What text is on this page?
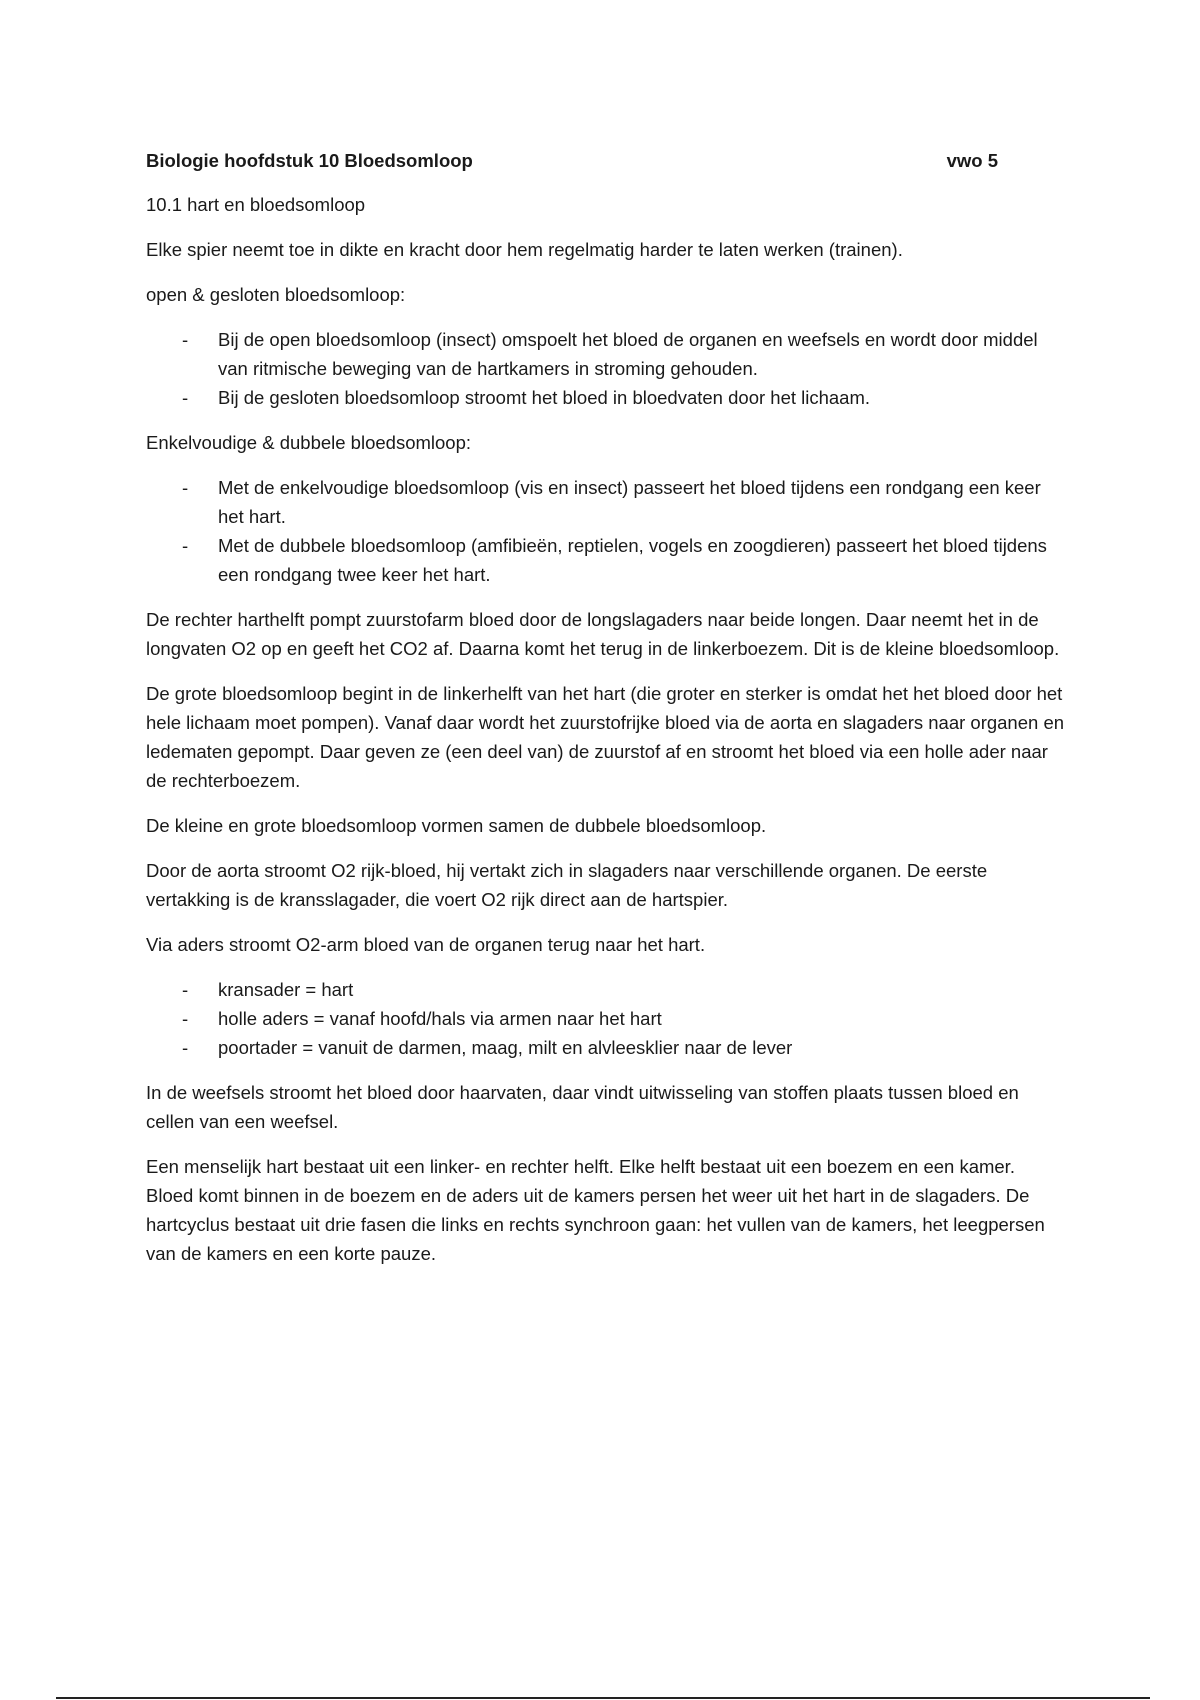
Biologie hoofdstuk 10 Bloedsomloop	vwo 5

10.1 hart en bloedsomloop

Elke spier neemt toe in dikte en kracht door hem regelmatig harder te laten werken (trainen).

open & gesloten bloedsomloop:

- Bij de open bloedsomloop (insect) omspoelt het bloed de organen en weefsels en wordt door middel van ritmische beweging van de hartkamers in stroming gehouden.
- Bij de gesloten bloedsomloop stroomt het bloed in bloedvaten door het lichaam.

Enkelvoudige & dubbele bloedsomloop:

- Met de enkelvoudige bloedsomloop (vis en insect) passeert het bloed tijdens een rondgang een keer het hart.
- Met de dubbele bloedsomloop (amfibieën, reptielen, vogels en zoogdieren) passeert het bloed tijdens een rondgang twee keer het hart.

De rechter harthelft pompt zuurstofarm bloed door de longslagaders naar beide longen. Daar neemt het in de longvaten O2 op en geeft het CO2 af. Daarna komt het terug in de linkerboezem. Dit is de kleine bloedsomloop.

De grote bloedsomloop begint in de linkerhelft van het hart (die groter en sterker is omdat het het bloed door het hele lichaam moet pompen). Vanaf daar wordt het zuurstofrijke bloed via de aorta en slagaders naar organen en ledematen gepompt. Daar geven ze (een deel van) de zuurstof af en stroomt het bloed via een holle ader naar de rechterboezem.

De kleine en grote bloedsomloop vormen samen de dubbele bloedsomloop.

Door de aorta stroomt O2 rijk-bloed, hij vertakt zich in slagaders naar verschillende organen. De eerste vertakking is de kransslagader, die voert O2 rijk direct aan de hartspier.

Via aders stroomt O2-arm bloed van de organen terug naar het hart.

- kransader = hart
- holle aders = vanaf hoofd/hals via armen naar het hart
- poortader = vanuit de darmen, maag, milt en alvleesklier naar de lever

In de weefsels stroomt het bloed door haarvaten, daar vindt uitwisseling van stoffen plaats tussen bloed en cellen van een weefsel.

Een menselijk hart bestaat uit een linker- en rechter helft. Elke helft bestaat uit een boezem en een kamer. Bloed komt binnen in de boezem en de aders uit de kamers persen het weer uit het hart in de slagaders. De hartcyclus bestaat uit drie fasen die links en rechts synchroon gaan: het vullen van de kamers, het leegpersen van de kamers en een korte pauze.
